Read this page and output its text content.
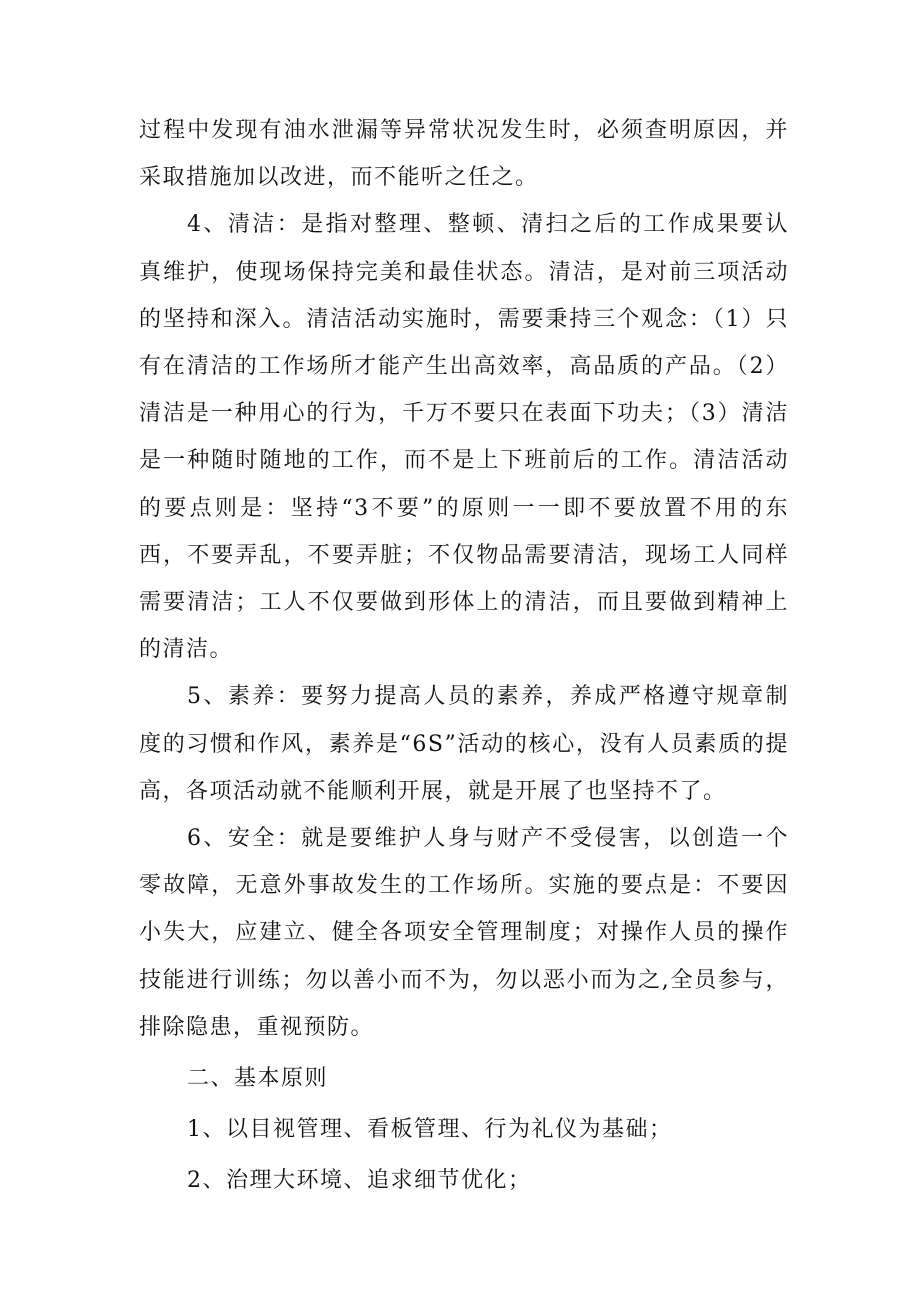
过程中发现有油水泄漏等异常状况发生时，必须查明原因，并采取措施加以改进，而不能听之任之。

4、清洁：是指对整理、整顿、清扫之后的工作成果要认真维护，使现场保持完美和最佳状态。清洁，是对前三项活动的坚持和深入。清洁活动实施时，需要秉持三个观念：（1）只有在清洁的工作场所才能产生出高效率，高品质的产品。（2）清洁是一种用心的行为，千万不要只在表面下功夫；（3）清洁是一种随时随地的工作，而不是上下班前后的工作。清洁活动的要点则是：坚持“3不要”的原则一一即不要放置不用的东西，不要弄乱，不要弄脏；不仅物品需要清洁，现场工人同样需要清洁；工人不仅要做到形体上的清洁，而且要做到精神上的清洁。

5、素养：要努力提高人员的素养，养成严格遵守规章制度的习惯和作风，素养是“6S”活动的核心，没有人员素质的提高，各项活动就不能顺利开展，就是开展了也坚持不了。

6、安全：就是要维护人身与财产不受侵害，以创造一个零故障，无意外事故发生的工作场所。实施的要点是：不要因小失大，应建立、健全各项安全管理制度；对操作人员的操作技能进行训练；勿以善小而不为，勿以恶小而为之,全员参与，排除隐患，重视预防。

二、基本原则

1、以目视管理、看板管理、行为礼仪为基础；

2、治理大环境、追求细节优化；
